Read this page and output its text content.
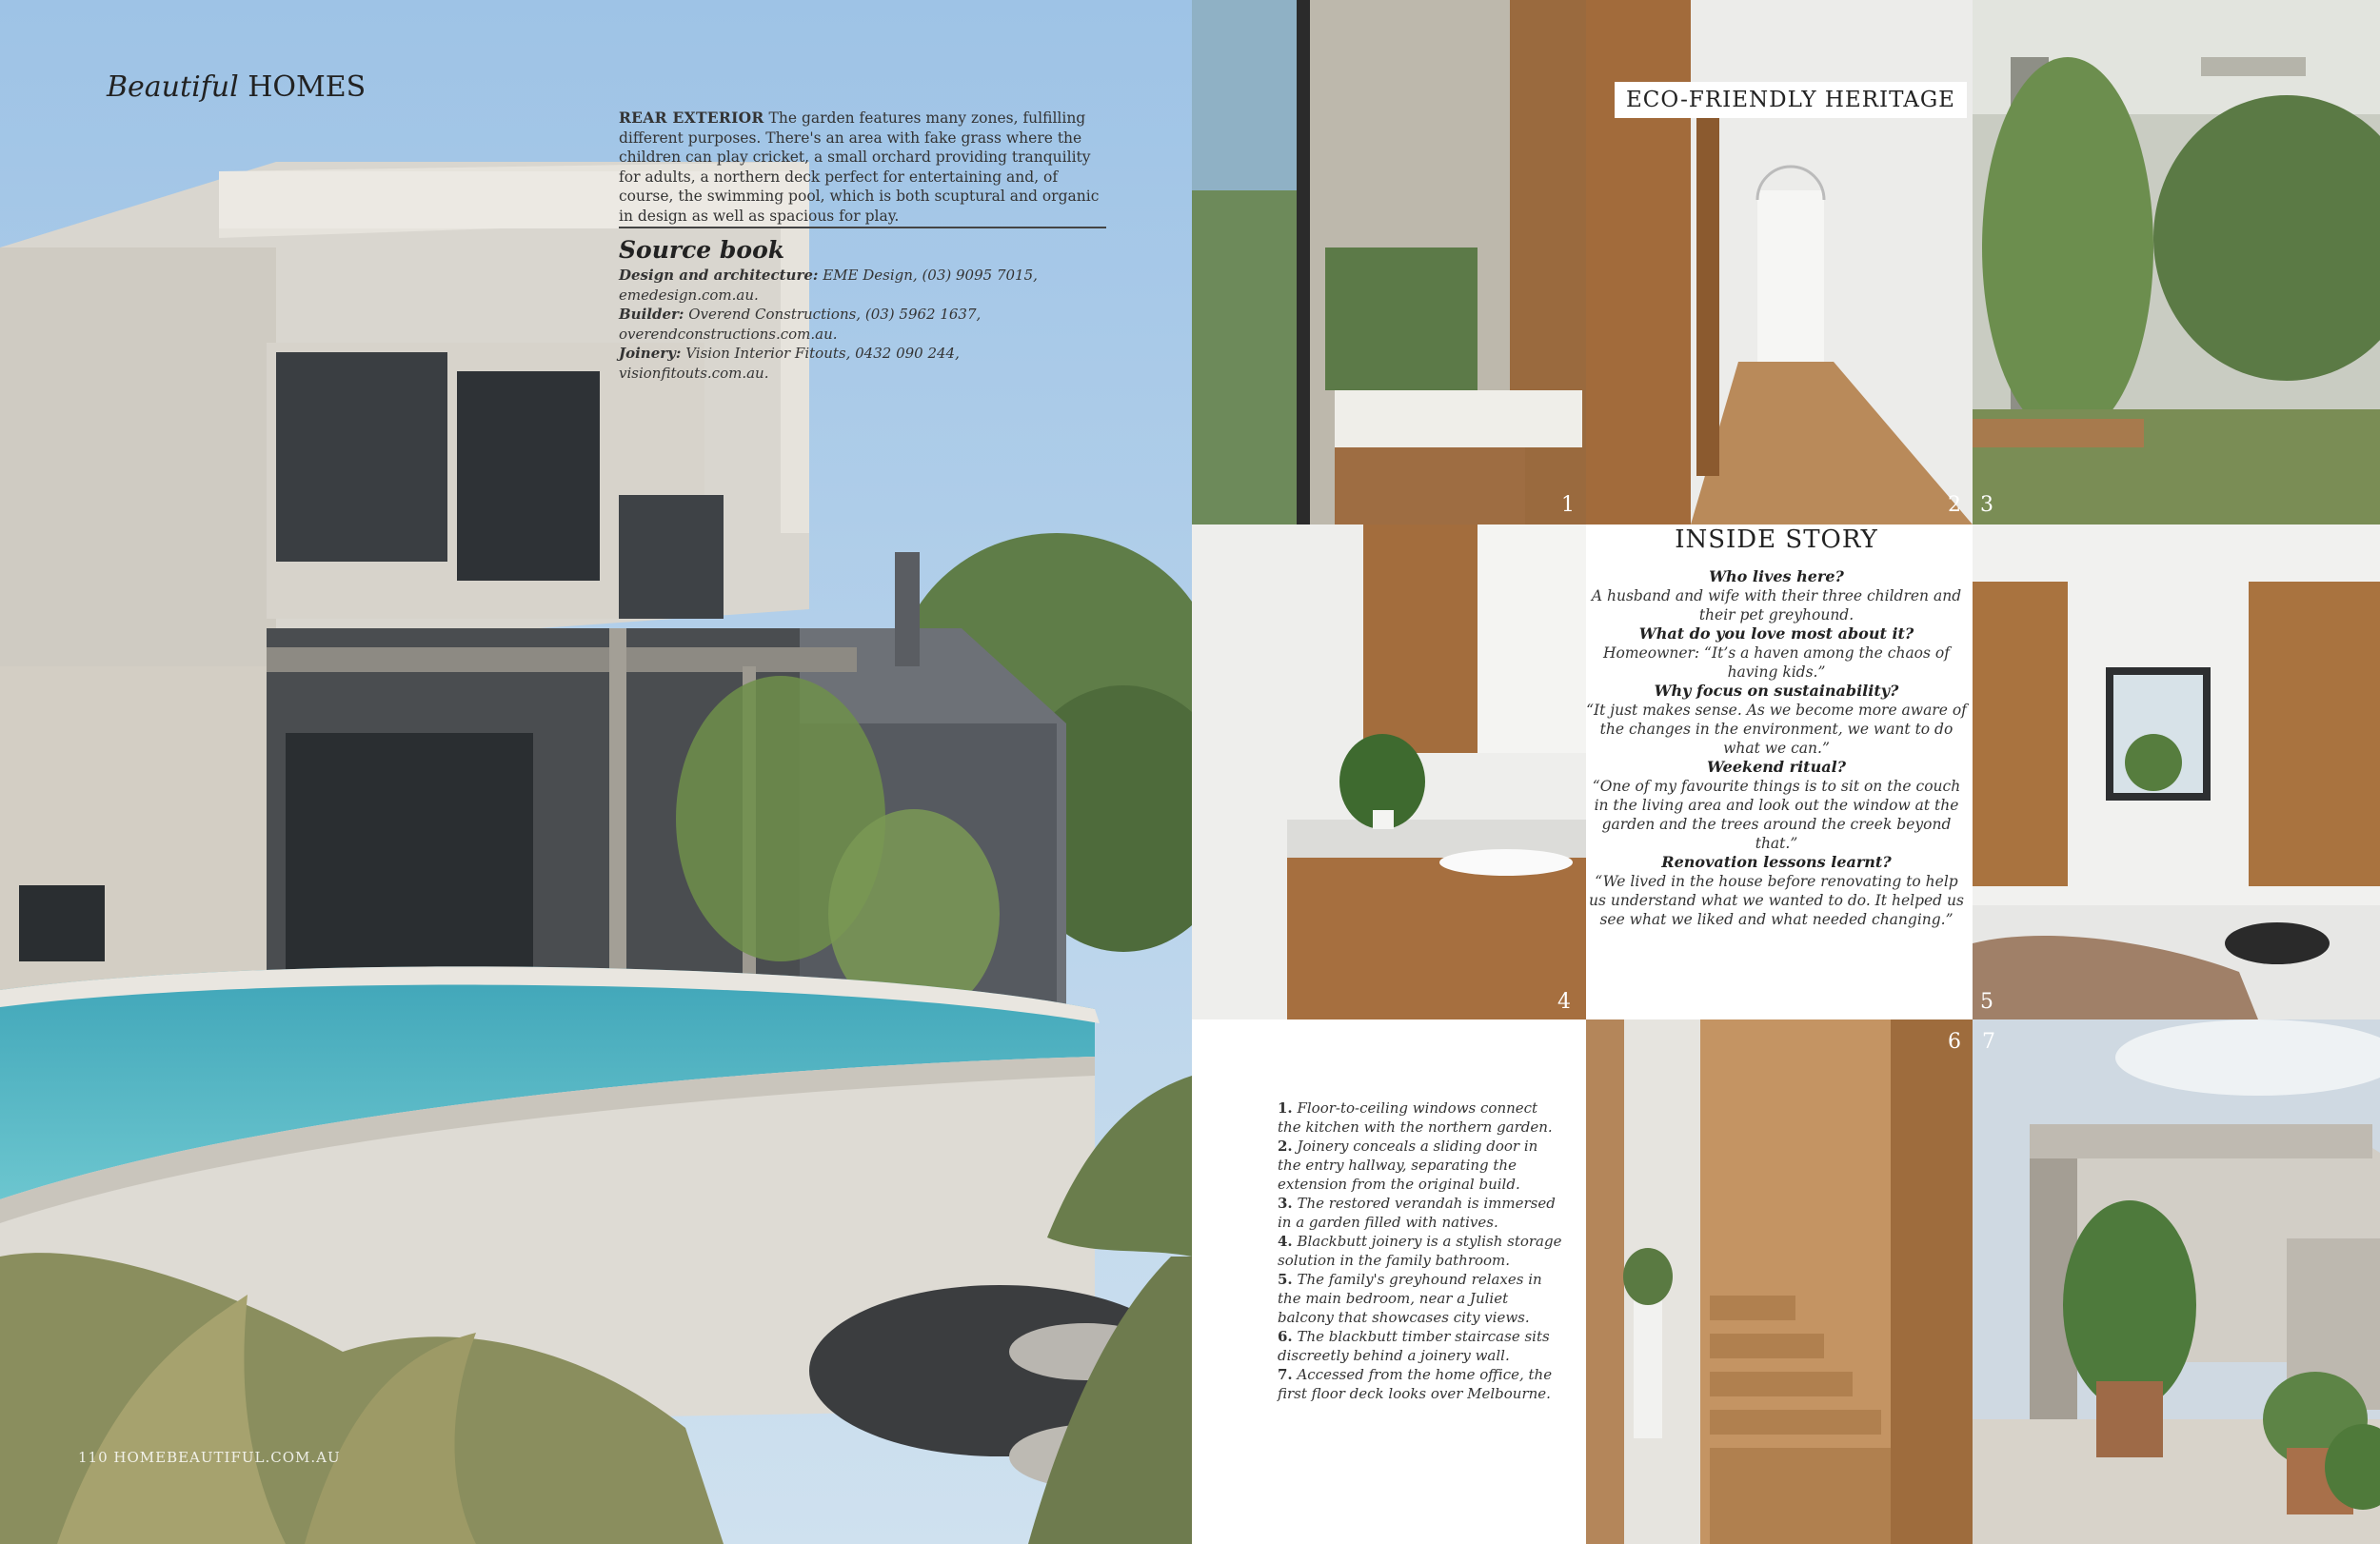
Beautiful HOMES
REAR EXTERIOR The garden features many zones, fulfilling different purposes. There's an area with fake grass where the children can play cricket, a small orchard providing tranquility for adults, a northern deck perfect for entertaining and, of course, the swimming pool, which is both scuptural and organic in design as well as spacious for play.
Source book

Design and architecture: EME Design, (03) 9095 7015, emedesign.com.au.

Builder: Overend Constructions, (03) 5962 1637, overendconstructions.com.au.

Joinery: Vision Interior Fitouts, 0432 090 244, visionfitouts.com.au.

110 HOMEBEAUTIFUL.COM.AU
INSIDE STORY
Who lives here?
A husband and wife with their three children and their pet greyhound.
What do you love most about it?
Homeowner: “It’s a haven among the chaos of having kids.”
Why focus on sustainability?
“It just makes sense. As we become more aware of the changes in the environment, we want to do what we can.”
Weekend ritual?
“One of my favourite things is to sit on the couch in the living area and look out the window at the garden and the trees around the creek beyond that.”
Renovation lessons learnt?
“We lived in the house before renovating to help us understand what we wanted to do. It helped us see what we liked and what needed changing.”

1. Floor-to-ceiling windows connect the kitchen with the northern garden.

2. Joinery conceals a sliding door in the entry hallway, separating the extension from the original build.

3. The restored verandah is immersed in a garden filled with natives.

4. Blackbutt joinery is a stylish storage solution in the family bathroom.

5. The family's greyhound relaxes in the main bedroom, near a Juliet balcony that showcases city views.

6. The blackbutt timber staircase sits discreetly behind a joinery wall.

7. Accessed from the home office, the first floor deck looks over Melbourne.

ECO-FRIENDLY HERITAGE
1	2 3
4	5
6 7
